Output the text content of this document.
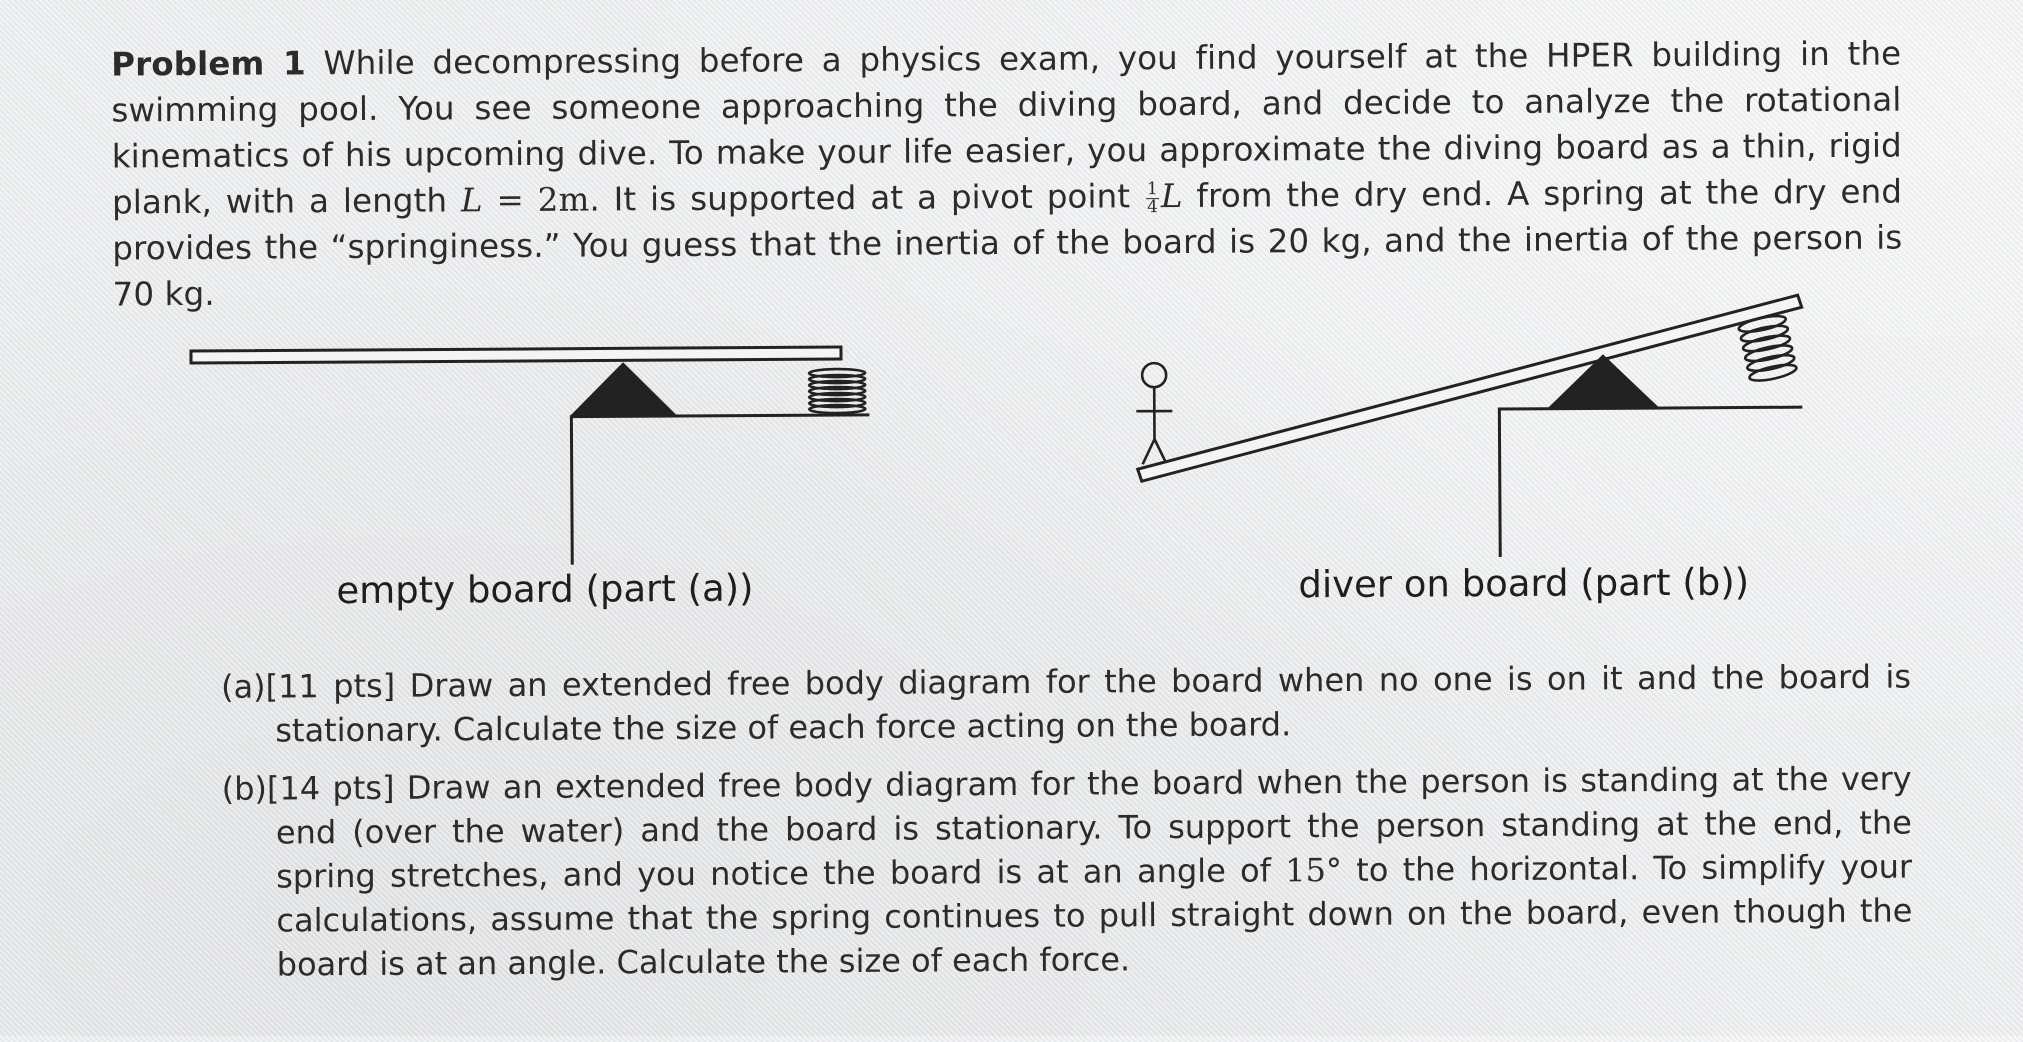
Problem 1 While decompressing before a physics exam, you find yourself at the HPER building in the swimming pool. You see someone approaching the diving board, and decide to analyze the rotational kinematics of his upcoming dive. To make your life easier, you approximate the diving board as a thin, rigid plank, with a length L = 2m. It is supported at a pivot point $\frac{1}{4}$ L from the dry end. A spring at the dry end provides the “springiness.” You guess that the inertia of the board is 20 kg, and the inertia of the person is 70 kg.
empty board (part (a))	diver on board (part (b))
(a)[11 pts] Draw an extended free body diagram for the board when no one is on it and the board is stationary. Calculate the size of each force acting on the board.
(b)[14 pts] Draw an extended free body diagram for the board when the person is standing at the very end (over the water) and the board is stationary. To support the person standing at the end, the spring stretches, and you notice the board is at an angle of 15° to the horizontal. To simplify your calculations, assume that the spring continues to pull straight down on the board, even though the board is at an angle. Calculate the size of each force.
